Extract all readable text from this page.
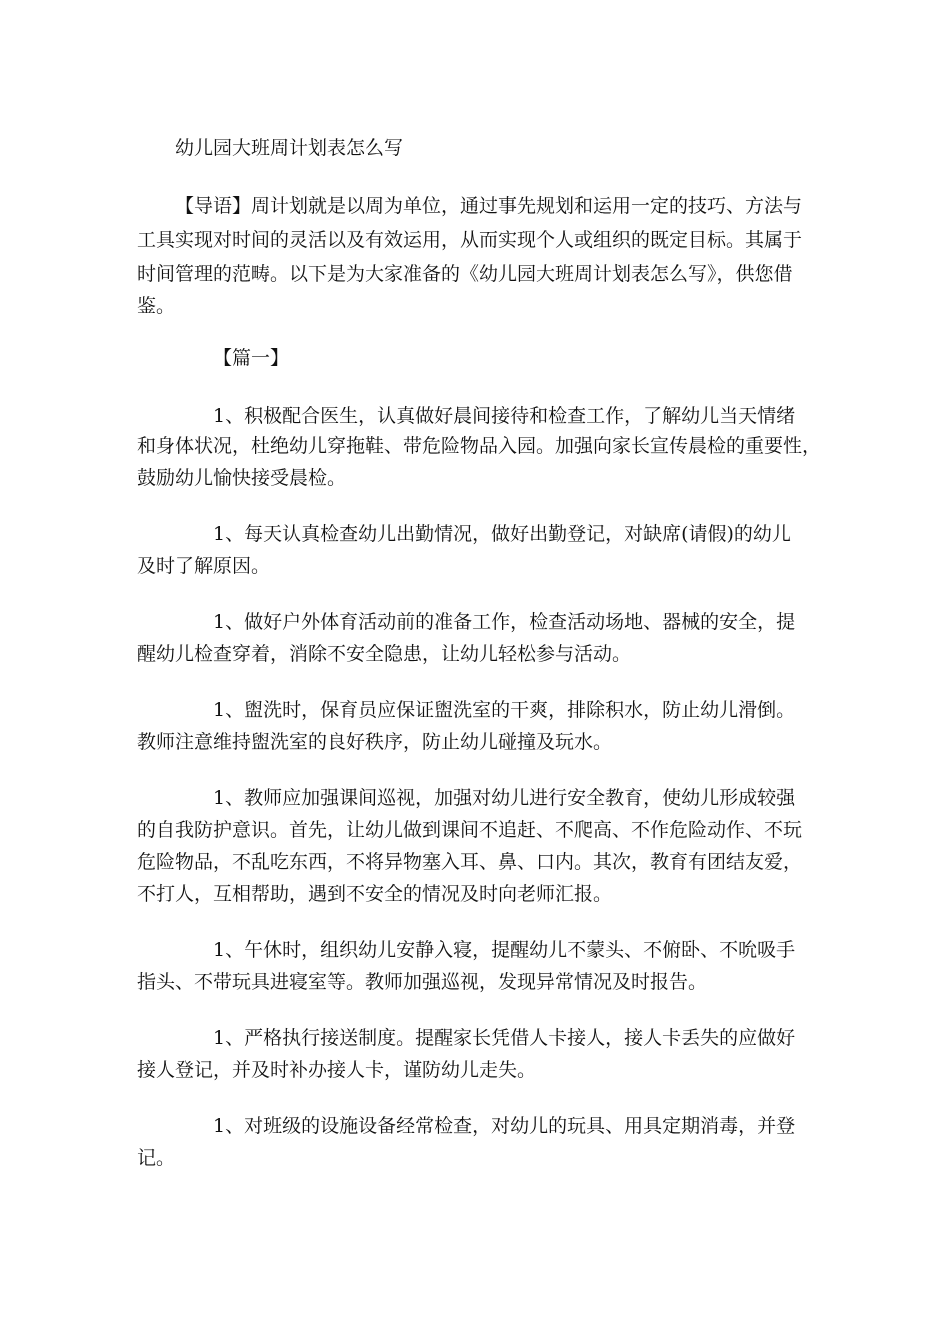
幼儿园大班周计划表怎么写
【导语】周计划就是以周为单位，通过事先规划和运用一定的技巧、方法与
工具实现对时间的灵活以及有效运用，从而实现个人或组织的既定目标。其属于
时间管理的范畴。以下是为大家准备的《幼儿园大班周计划表怎么写》，供您借
鉴。
【篇一】
1、积极配合医生，认真做好晨间接待和检查工作，了解幼儿当天情绪
和身体状况，杜绝幼儿穿拖鞋、带危险物品入园。加强向家长宣传晨检的重要性，
鼓励幼儿愉快接受晨检。
1、每天认真检查幼儿出勤情况，做好出勤登记，对缺席(请假)的幼儿
及时了解原因。
1、做好户外体育活动前的准备工作，检查活动场地、器械的安全，提
醒幼儿检查穿着，消除不安全隐患，让幼儿轻松参与活动。
1、盥洗时，保育员应保证盥洗室的干爽，排除积水，防止幼儿滑倒。
教师注意维持盥洗室的良好秩序，防止幼儿碰撞及玩水。
1、教师应加强课间巡视，加强对幼儿进行安全教育，使幼儿形成较强
的自我防护意识。首先，让幼儿做到课间不追赶、不爬高、不作危险动作、不玩
危险物品，不乱吃东西，不将异物塞入耳、鼻、口内。其次，教育有团结友爱，
不打人，互相帮助，遇到不安全的情况及时向老师汇报。
1、午休时，组织幼儿安静入寝，提醒幼儿不蒙头、不俯卧、不吮吸手
指头、不带玩具进寝室等。教师加强巡视，发现异常情况及时报告。
1、严格执行接送制度。提醒家长凭借人卡接人，接人卡丢失的应做好
接人登记，并及时补办接人卡，谨防幼儿走失。
1、对班级的设施设备经常检查，对幼儿的玩具、用具定期消毒，并登
记。
